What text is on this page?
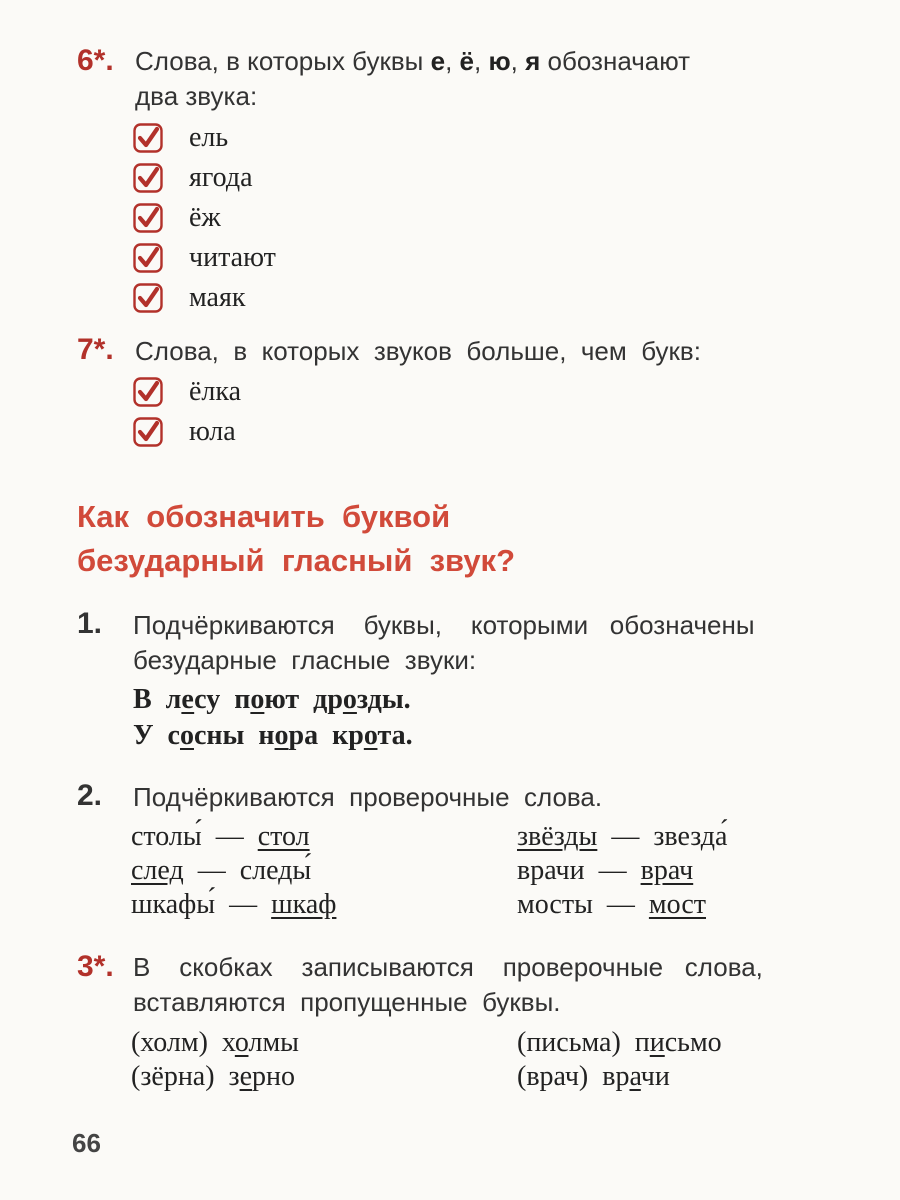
6*. Слова, в которых буквы е, ё, ю, я обозначают
два звука:
ель
ягода
ёж
читают
маяк
7*. Слова,  в  которых  звуков  больше,  чем  букв:
ёлка
юла
Как  обозначить  буквой
безударный  гласный  звук?
1. Подчёркиваются    буквы,    которыми   обозначены
безударные  гласные  звуки:
В  лесу  поют  дрозды.
У  сосны  нора  крота.
2. Подчёркиваются  проверочные  слова.
столы́ — стол
след — следы́
шкафы́ — шкаф
звёзды — звезда́
врачи — врач
мосты — мост
3*. В    скобках    записываются    проверочные   слова,
вставляются  пропущенные  буквы.
(холм)  холмы
(зёрна)  зерно
(письма)  письмо
(врач)  врачи
66
